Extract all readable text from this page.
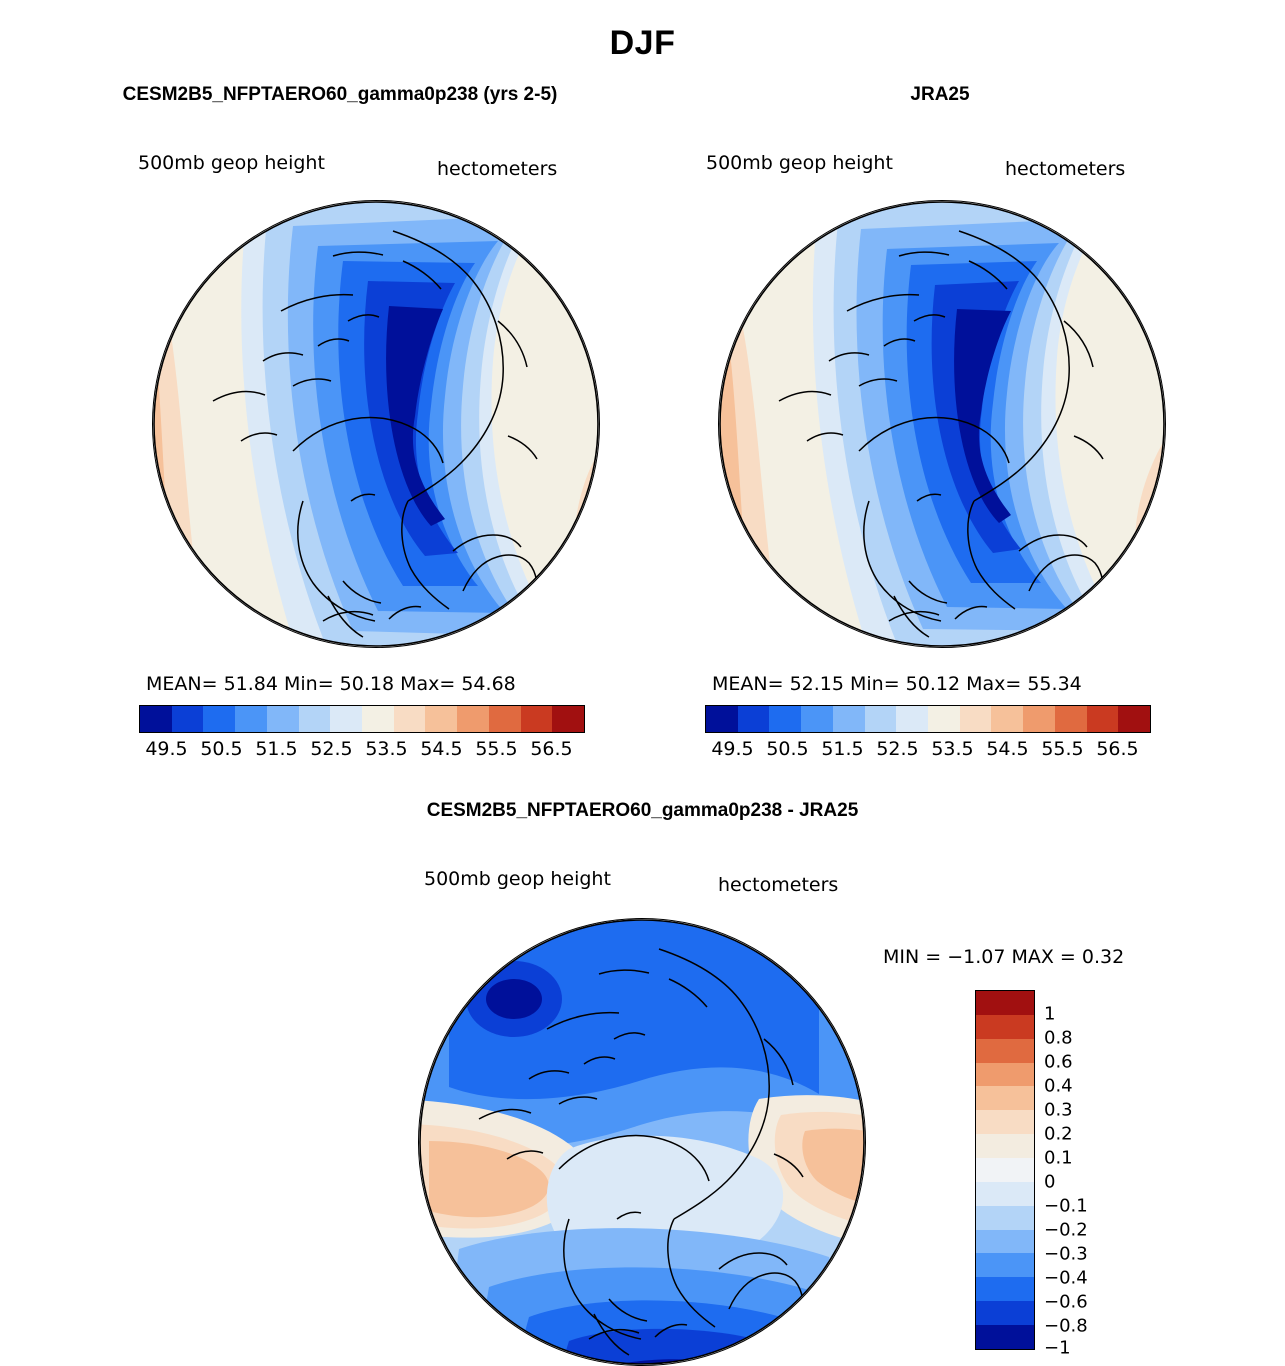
DJF
CESM2B5_NFPTAERO60_gamma0p238 (yrs 2-5)
500mb geop height	hectometers
MEAN= 51.84 Min= 50.18 Max= 54.68
49.5 50.5 51.5 52.5 53.5 54.5 55.5 56.5
JRA25
500mb geop height	hectometers
MEAN= 52.15 Min= 50.12 Max= 55.34
49.5 50.5 51.5 52.5 53.5 54.5 55.5 56.5
CESM2B5_NFPTAERO60_gamma0p238 - JRA25
500mb geop height	hectometers
MIN = −1.07 MAX = 0.32
1
0.8
0.6
0.4
0.3
0.2
0.1
0
−0.1
−0.2
−0.3
−0.4
−0.6
−0.8
−1
